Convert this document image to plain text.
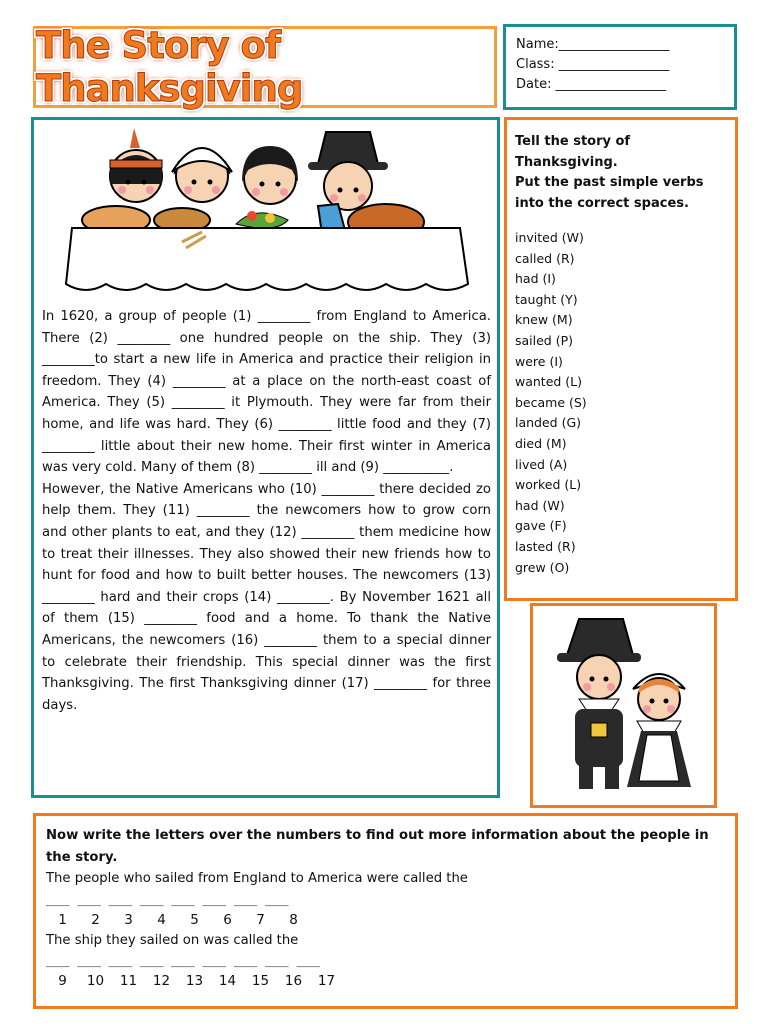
The Story of Thanksgiving
Name:_________________
Class: _________________
Date: _________________
In 1620, a group of people (1) ________ from England to America. There (2) ________ one hundred people on the ship. They (3) ________to start a new life in America and practice their religion in freedom. They (4) ________ at a place on the north-east coast of America. They (5) ________ it Plymouth. They were far from their home, and life was hard. They (6) ________ little food and they (7) ________ little about their new home. Their first winter in America was very cold. Many of them (8) ________ ill and (9) __________.
However, the Native Americans who (10) ________ there decided zo help them. They (11) ________ the newcomers how to grow corn and other plants to eat, and they (12) ________ them medicine how to treat their illnesses. They also showed their new friends how to hunt for food and how to built better houses. The newcomers (13) ________ hard and their crops (14) ________. By November 1621 all of them (15) ________ food and a home. To thank the Native Americans, the newcomers (16) ________ them to a special dinner to celebrate their friendship. This special dinner was the first Thanksgiving. The first Thanksgiving dinner (17) ________ for three days.
Tell the story of
Thanksgiving.
Put the past simple verbs
into the correct spaces.
invited (W)
called (R)
had (I)
taught (Y)
knew (M)
sailed (P)
were (I)
wanted (L)
became (S)
landed (G)
died (M)
lived (A)
worked (L)
had (W)
gave (F)
lasted (R)
grew (O)
Now write the letters over the numbers to find out more information about the people in the story.
The people who sailed from England to America were called the
___ ___ ___ ___ ___ ___ ___ ___
1	2	3	4	5	6	7	8
The ship they sailed on was called the
___ ___ ___ ___ ___ ___ ___ ___ ___
9	10	11	12	13	14	15	16	17
